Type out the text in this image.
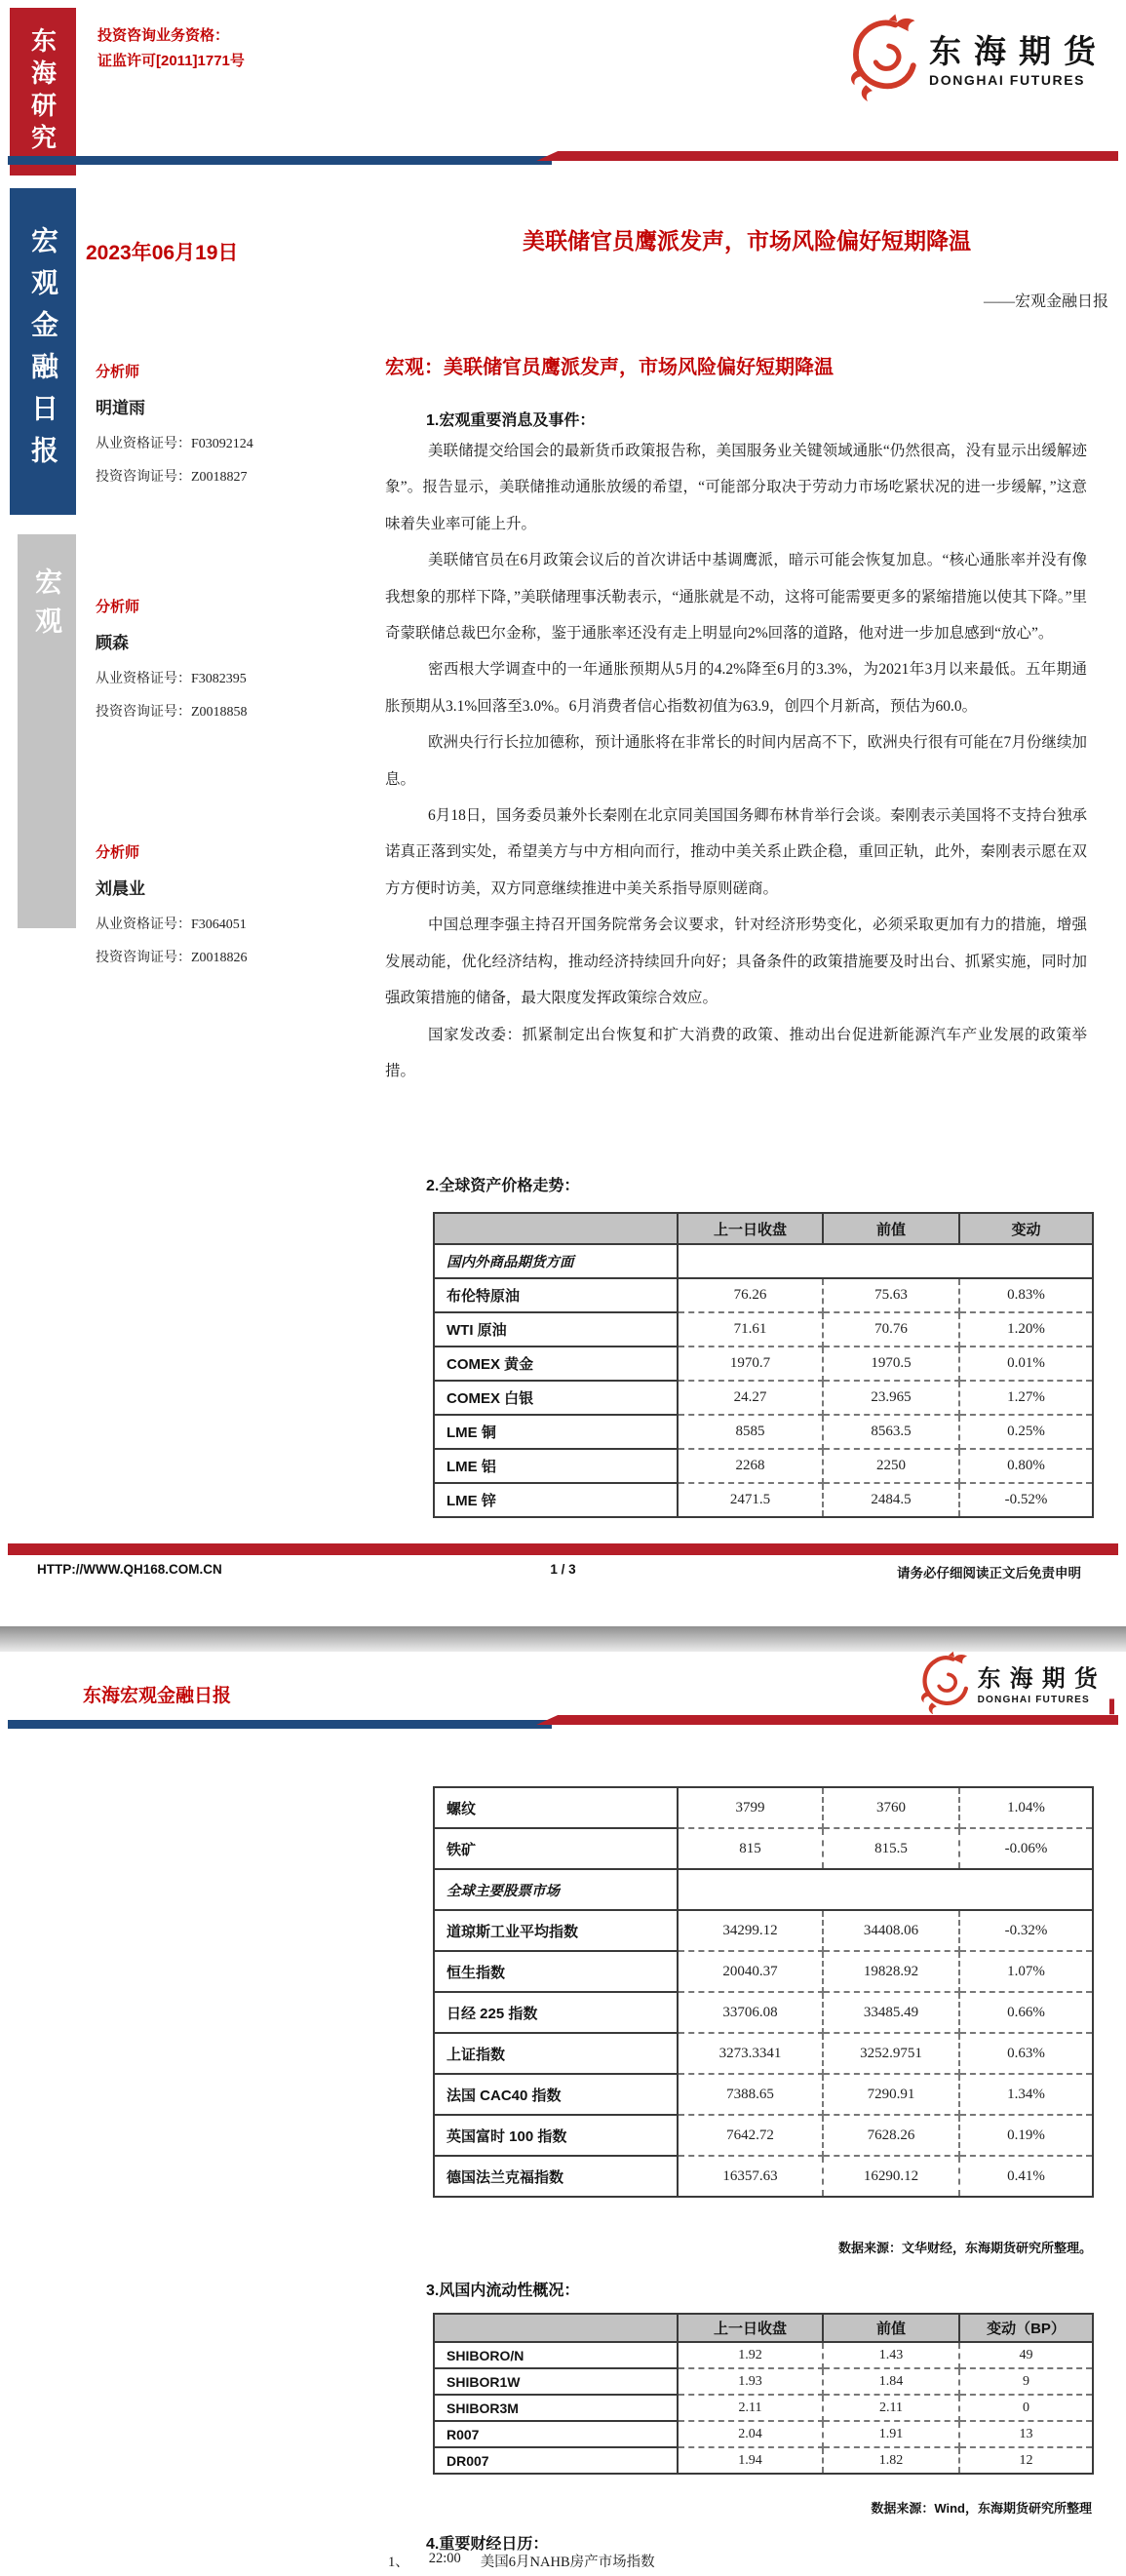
东海研究	投资咨询业务资格：
证监许可[2011]1771号	东海期货
DONGHAI FUTURES
宏观金融日报
宏观
2023年06月19日	美联储官员鹰派发声，市场风险偏好短期降温
——宏观金融日报
分析师
明道雨
从业资格证号：F03092124
投资咨询证号：Z0018827
分析师
顾森
从业资格证号：F3082395
投资咨询证号：Z0018858
分析师
刘晨业
从业资格证号：F3064051
投资咨询证号：Z0018826
宏观：美联储官员鹰派发声，市场风险偏好短期降温
1.宏观重要消息及事件：

美联储提交给国会的最新货币政策报告称，美国服务业关键领域通胀“仍然很高，没有显示出缓解迹象”。报告显示，美联储推动通胀放缓的希望，“可能部分取决于劳动力市场吃紧状况的进一步缓解，”这意味着失业率可能上升。

美联储官员在6月政策会议后的首次讲话中基调鹰派，暗示可能会恢复加息。“核心通胀率并没有像我想象的那样下降，”美联储理事沃勒表示，“通胀就是不动，这将可能需要更多的紧缩措施以使其下降。”里奇蒙联储总裁巴尔金称，鉴于通胀率还没有走上明显向2%回落的道路，他对进一步加息感到“放心”。

密西根大学调查中的一年通胀预期从5月的4.2%降至6月的3.3%，为2021年3月以来最低。五年期通胀预期从3.1%回落至3.0%。6月消费者信心指数初值为63.9，创四个月新高，预估为60.0。

欧洲央行行长拉加德称，预计通胀将在非常长的时间内居高不下，欧洲央行很有可能在7月份继续加息。

6月18日，国务委员兼外长秦刚在北京同美国国务卿布林肯举行会谈。秦刚表示美国将不支持台独承诺真正落到实处，希望美方与中方相向而行，推动中美关系止跌企稳，重回正轨，此外，秦刚表示愿在双方方便时访美，双方同意继续推进中美关系指导原则磋商。

中国总理李强主持召开国务院常务会议要求，针对经济形势变化，必须采取更加有力的措施，增强发展动能，优化经济结构，推动经济持续回升向好；具备条件的政策措施要及时出台、抓紧实施，同时加强政策措施的储备，最大限度发挥政策综合效应。

国家发改委：抓紧制定出台恢复和扩大消费的政策、推动出台促进新能源汽车产业发展的政策举措。

2.全球资产价格走势：
	上一日收盘	前值	变动
国内外商品期货方面			
布伦特原油	76.26	75.63	0.83%
WTI 原油	71.61	70.76	1.20%
COMEX 黄金	1970.7	1970.5	0.01%
COMEX 白银	24.27	23.965	1.27%
LME 铜	8585	8563.5	0.25%
LME 铝	2268	2250	0.80%
LME 锌	2471.5	2484.5	-0.52%
HTTP://WWW.QH168.COM.CN	1 / 3	请务必仔细阅读正文后免责申明
东海宏观金融日报
东海期货
DONGHAI FUTURES
螺纹	3799	3760	1.04%
铁矿	815	815.5	-0.06%
全球主要股票市场			
道琼斯工业平均指数	34299.12	34408.06	-0.32%
恒生指数	20040.37	19828.92	1.07%
日经 225 指数	33706.08	33485.49	0.66%
上证指数	3273.3341	3252.9751	0.63%
法国 CAC40 指数	7388.65	7290.91	1.34%
英国富时 100 指数	7642.72	7628.26	0.19%
德国法兰克福指数	16357.63	16290.12	0.41%
数据来源：文华财经，东海期货研究所整理。
3.风国内流动性概况：
	上一日收盘	前值	变动（BP）
SHIBORO/N	1.92	1.43	49
SHIBOR1W	1.93	1.84	9
SHIBOR3M	2.11	2.11	0
R007	2.04	1.91	13
DR007	1.94	1.82	12
数据来源：Wind，东海期货研究所整理
4.重要财经日历：
1、 22:00 美国6月NAHB房产市场指数
